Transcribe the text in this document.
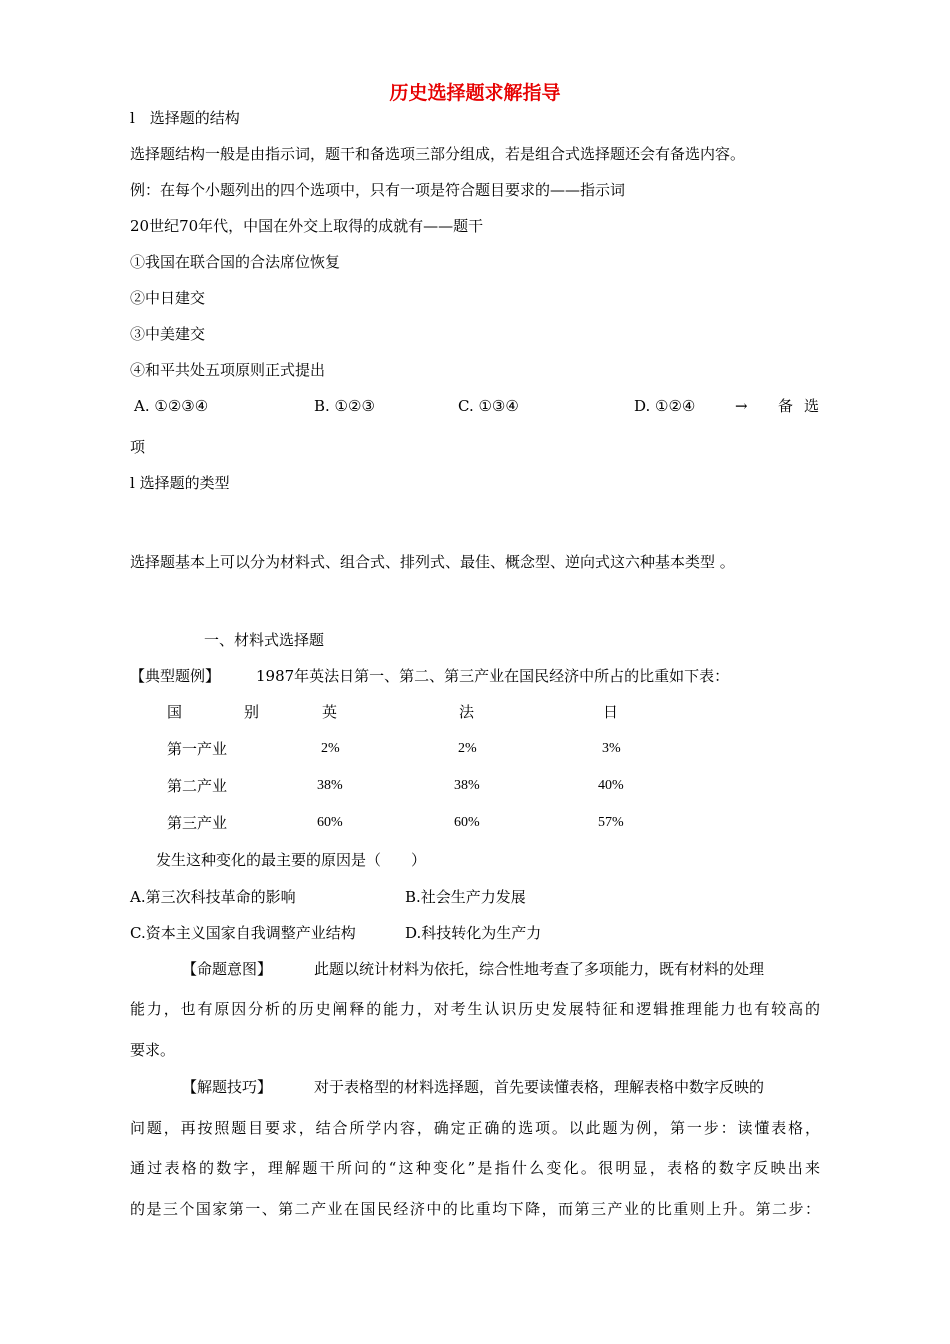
历史选择题求解指导
l　选择题的结构
选择题结构一般是由指示词，题干和备选项三部分组成，若是组合式选择题还会有备选内容。
例：在每个小题列出的四个选项中，只有一项是符合题目要求的——指示词
20世纪70年代，中国在外交上取得的成就有——题干
①我国在联合国的合法席位恢复
②中日建交
③中美建交
④和平共处五项原则正式提出
A. ①②③④	B. ①②③	C. ①③④	D. ①②④	→ 备 选
项
l 选择题的类型
选择题基本上可以分为材料式、组合式、排列式、最佳、概念型、逆向式这六种基本类型 。
一、材料式选择题
【典型题例】 1987年英法日第一、第二、第三产业在国民经济中所占的比重如下表：
国	别	英	法	日
第一产业	2%	2%	3%
第二产业	38%	38%	40%
第三产业	60%	60%	57%
发生这种变化的最主要的原因是（　　）
A.第三次科技革命的影响	B.社会生产力发展
C.资本主义国家自我调整产业结构	D.科技转化为生产力
【命题意图】	此题以统计材料为依托，综合性地考查了多项能力，既有材料的处理
能力，也有原因分析的历史阐释的能力，对考生认识历史发展特征和逻辑推理能力也有较高的
要求。
【解题技巧】	对于表格型的材料选择题，首先要读懂表格，理解表格中数字反映的
问题，再按照题目要求，结合所学内容，确定正确的选项。以此题为例，第一步：读懂表格，
通过表格的数字，理解题干所问的“这种变化”是指什么变化。很明显，表格的数字反映出来
的是三个国家第一、第二产业在国民经济中的比重均下降，而第三产业的比重则上升。第二步：
